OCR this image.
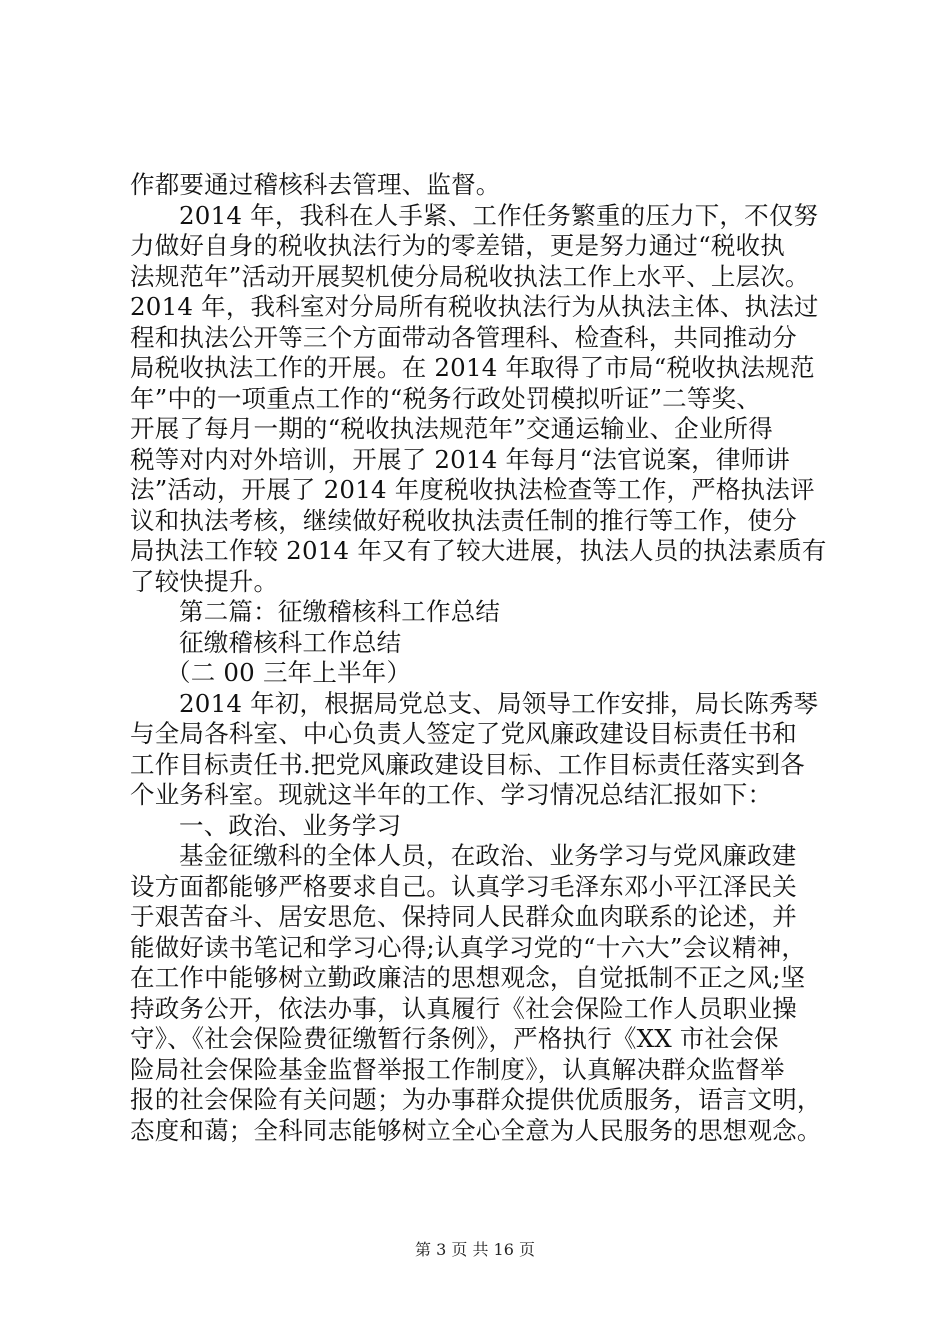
作都要通过稽核科去管理、监督。
2014 年，我科在人手紧、工作任务繁重的压力下，不仅努
力做好自身的税收执法行为的零差错，更是努力通过“税收执
法规范年”活动开展契机使分局税收执法工作上水平、上层次。
2014 年，我科室对分局所有税收执法行为从执法主体、执法过
程和执法公开等三个方面带动各管理科、检查科，共同推动分
局税收执法工作的开展。在 2014 年取得了市局“税收执法规范
年”中的一项重点工作的“税务行政处罚模拟听证”二等奖、
开展了每月一期的“税收执法规范年”交通运输业、企业所得
税等对内对外培训，开展了 2014 年每月“法官说案，律师讲
法”活动，开展了 2014 年度税收执法检查等工作，严格执法评
议和执法考核，继续做好税收执法责任制的推行等工作，使分
局执法工作较 2014 年又有了较大进展，执法人员的执法素质有
了较快提升。
第二篇：征缴稽核科工作总结
征缴稽核科工作总结
（二 00 三年上半年）
2014 年初，根据局党总支、局领导工作安排，局长陈秀琴
与全局各科室、中心负责人签定了党风廉政建设目标责任书和
工作目标责任书.把党风廉政建设目标、工作目标责任落实到各
个业务科室。现就这半年的工作、学习情况总结汇报如下：
一、政治、业务学习
基金征缴科的全体人员，在政治、业务学习与党风廉政建
设方面都能够严格要求自己。认真学习毛泽东邓小平江泽民关
于艰苦奋斗、居安思危、保持同人民群众血肉联系的论述，并
能做好读书笔记和学习心得;认真学习党的“十六大”会议精神，
在工作中能够树立勤政廉洁的思想观念，自觉抵制不正之风;坚
持政务公开，依法办事，认真履行《社会保险工作人员职业操
守》、《社会保险费征缴暂行条例》，严格执行《XX 市社会保
险局社会保险基金监督举报工作制度》，认真解决群众监督举
报的社会保险有关问题；为办事群众提供优质服务，语言文明，
态度和蔼；全科同志能够树立全心全意为人民服务的思想观念。
第 3 页 共 16 页
